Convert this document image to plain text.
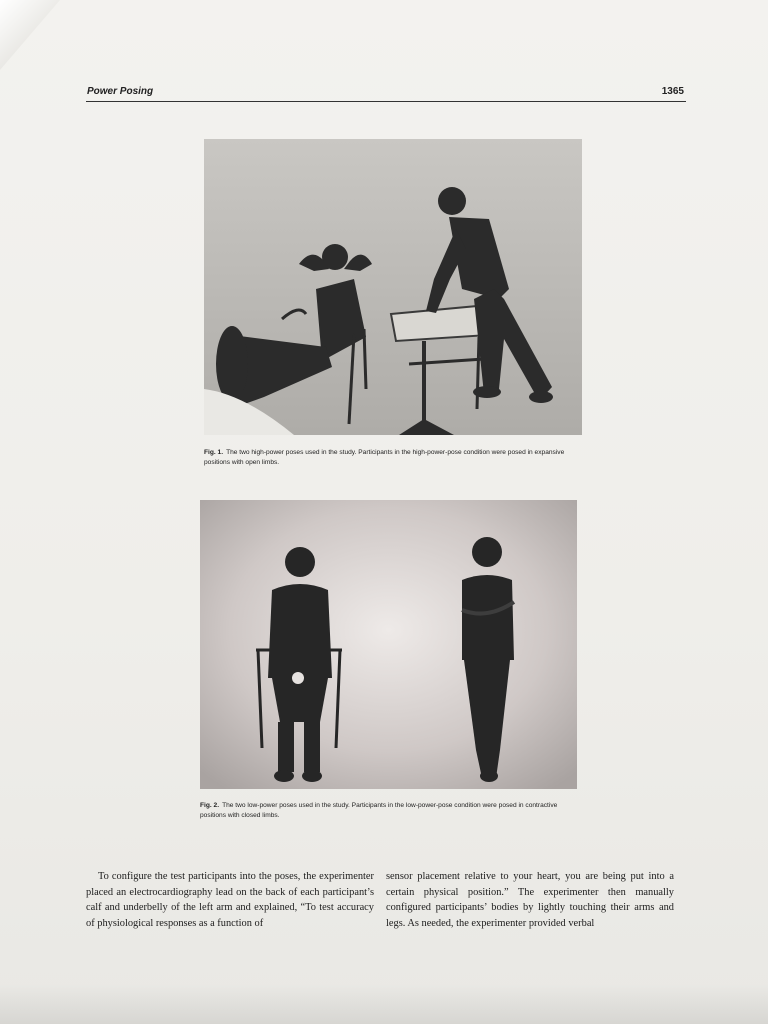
Power Posing	1365
Fig. 1. The two high-power poses used in the study. Participants in the high-power-pose condition were posed in expansive positions with open limbs.
Fig. 2. The two low-power poses used in the study. Participants in the low-power-pose condition were posed in contractive positions with closed limbs.

To configure the test participants into the poses, the experimenter placed an electrocardiography lead on the back of each participant’s calf and underbelly of the left arm and explained, “To test accuracy of physiological responses as a function of

sensor placement relative to your heart, you are being put into a certain physical position.” The experimenter then manually configured participants’ bodies by lightly touching their arms and legs. As needed, the experimenter provided verbal
